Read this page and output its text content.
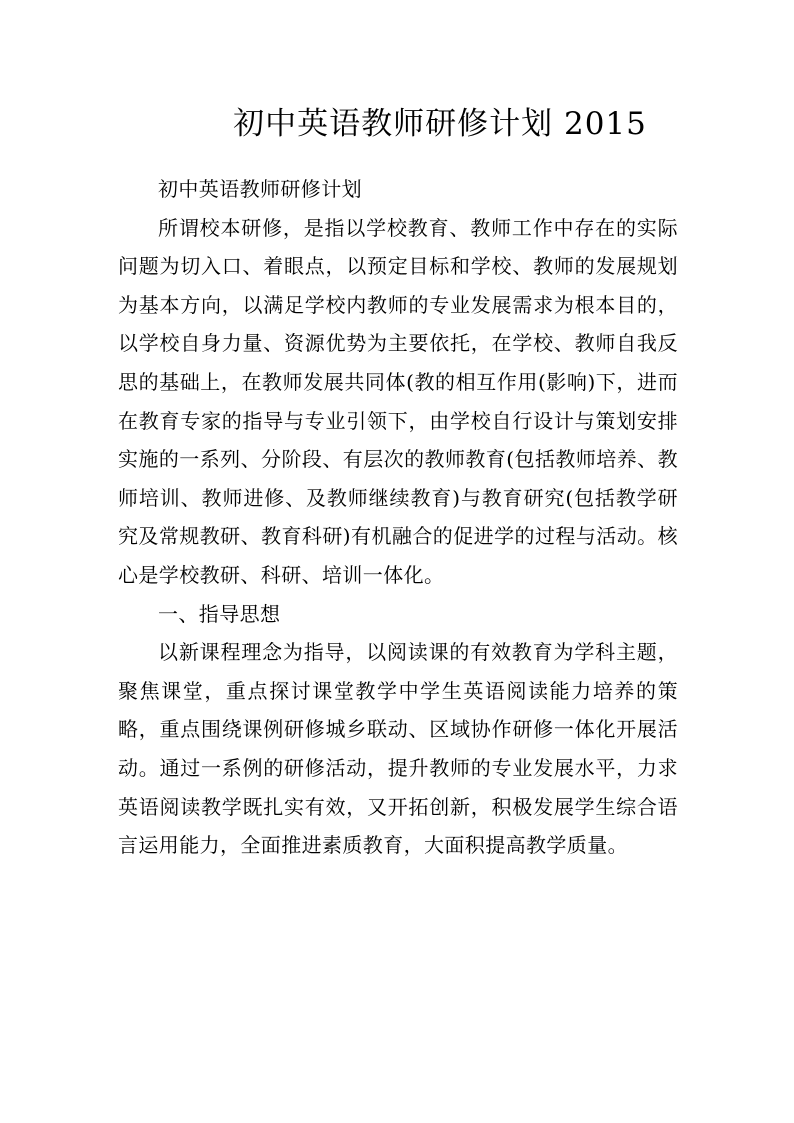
初中英语教师研修计划 2015

初中英语教师研修计划

所谓校本研修，是指以学校教育、教师工作中存在的实际问题为切入口、着眼点，以预定目标和学校、教师的发展规划为基本方向，以满足学校内教师的专业发展需求为根本目的，以学校自身力量、资源优势为主要依托，在学校、教师自我反思的基础上，在教师发展共同体(教的相互作用(影响)下，进而在教育专家的指导与专业引领下，由学校自行设计与策划安排实施的一系列、分阶段、有层次的教师教育(包括教师培养、教师培训、教师进修、及教师继续教育)与教育研究(包括教学研究及常规教研、教育科研)有机融合的促进学的过程与活动。核心是学校教研、科研、培训一体化。

一、指导思想

以新课程理念为指导，以阅读课的有效教育为学科主题，聚焦课堂，重点探讨课堂教学中学生英语阅读能力培养的策略，重点围绕课例研修城乡联动、区域协作研修一体化开展活动。通过一系例的研修活动，提升教师的专业发展水平，力求英语阅读教学既扎实有效，又开拓创新，积极发展学生综合语言运用能力，全面推进素质教育，大面积提高教学质量。
